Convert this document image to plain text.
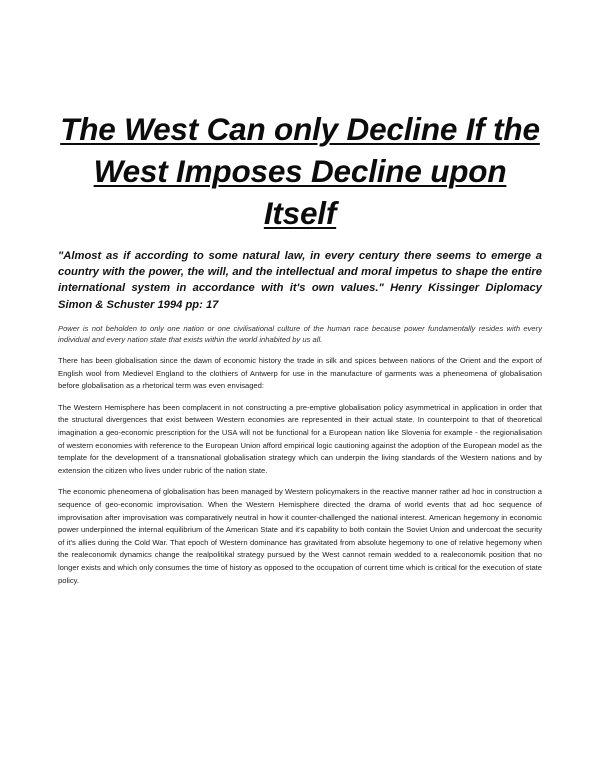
The West Can only Decline If the West Imposes Decline upon Itself

"Almost as if according to some natural law, in every century there seems to emerge a country with the power, the will, and the intellectual and moral impetus to shape the entire international system in accordance with it's own values." Henry Kissinger Diplomacy Simon & Schuster 1994 pp: 17

Power is not beholden to only one nation or one civilisational culture of the human race because power fundamentally resides with every individual and every nation state that exists within the world inhabited by us all.

There has been globalisation since the dawn of economic history the trade in silk and spices between nations of the Orient and the export of English wool from Medievel England to the clothiers of Antwerp for use in the manufacture of garments was a pheneomena of globalisation before globalisation as a rhetorical term was even envisaged:

The Western Hemisphere has been complacent in not constructing a pre-emptive globalisation policy asymmetrical in application in order that the structural divergences that exist between Western economies are represented in their actual state. In counterpoint to that of theoretical imagination a geo-economic prescription for the USA will not be functional for a European nation like Slovenia for example - the regionalisation of western economies with reference to the European Union afford empirical logic cautioning against the adoption of the European model as the template for the development of a transnational globalisation strategy which can underpin the living standards of the Western nations and by extension the citizen who lives under rubric of the nation state.

The economic pheneomena of globalisation has been managed by Western policymakers in the reactive manner rather ad hoc in construction a sequence of geo-economic improvisation. When the Western Hemisphere directed the drama of world events that ad hoc sequence of improvisation after improvisation was comparatively neutral in how it counter-challenged the national interest. American hegemony in economic power underpinned the internal equilibrium of the American State and it's capability to both contain the Soviet Union and undercoat the security of it's allies during the Cold War. That epoch of Western dominance has gravitated from absolute hegemony to one of relative hegemony when the realeconomik dynamics change the realpolitikal strategy pursued by the West cannot remain wedded to a realeconomik position that no longer exists and which only consumes the time of history as opposed to the occupation of current time which is critical for the execution of state policy.
